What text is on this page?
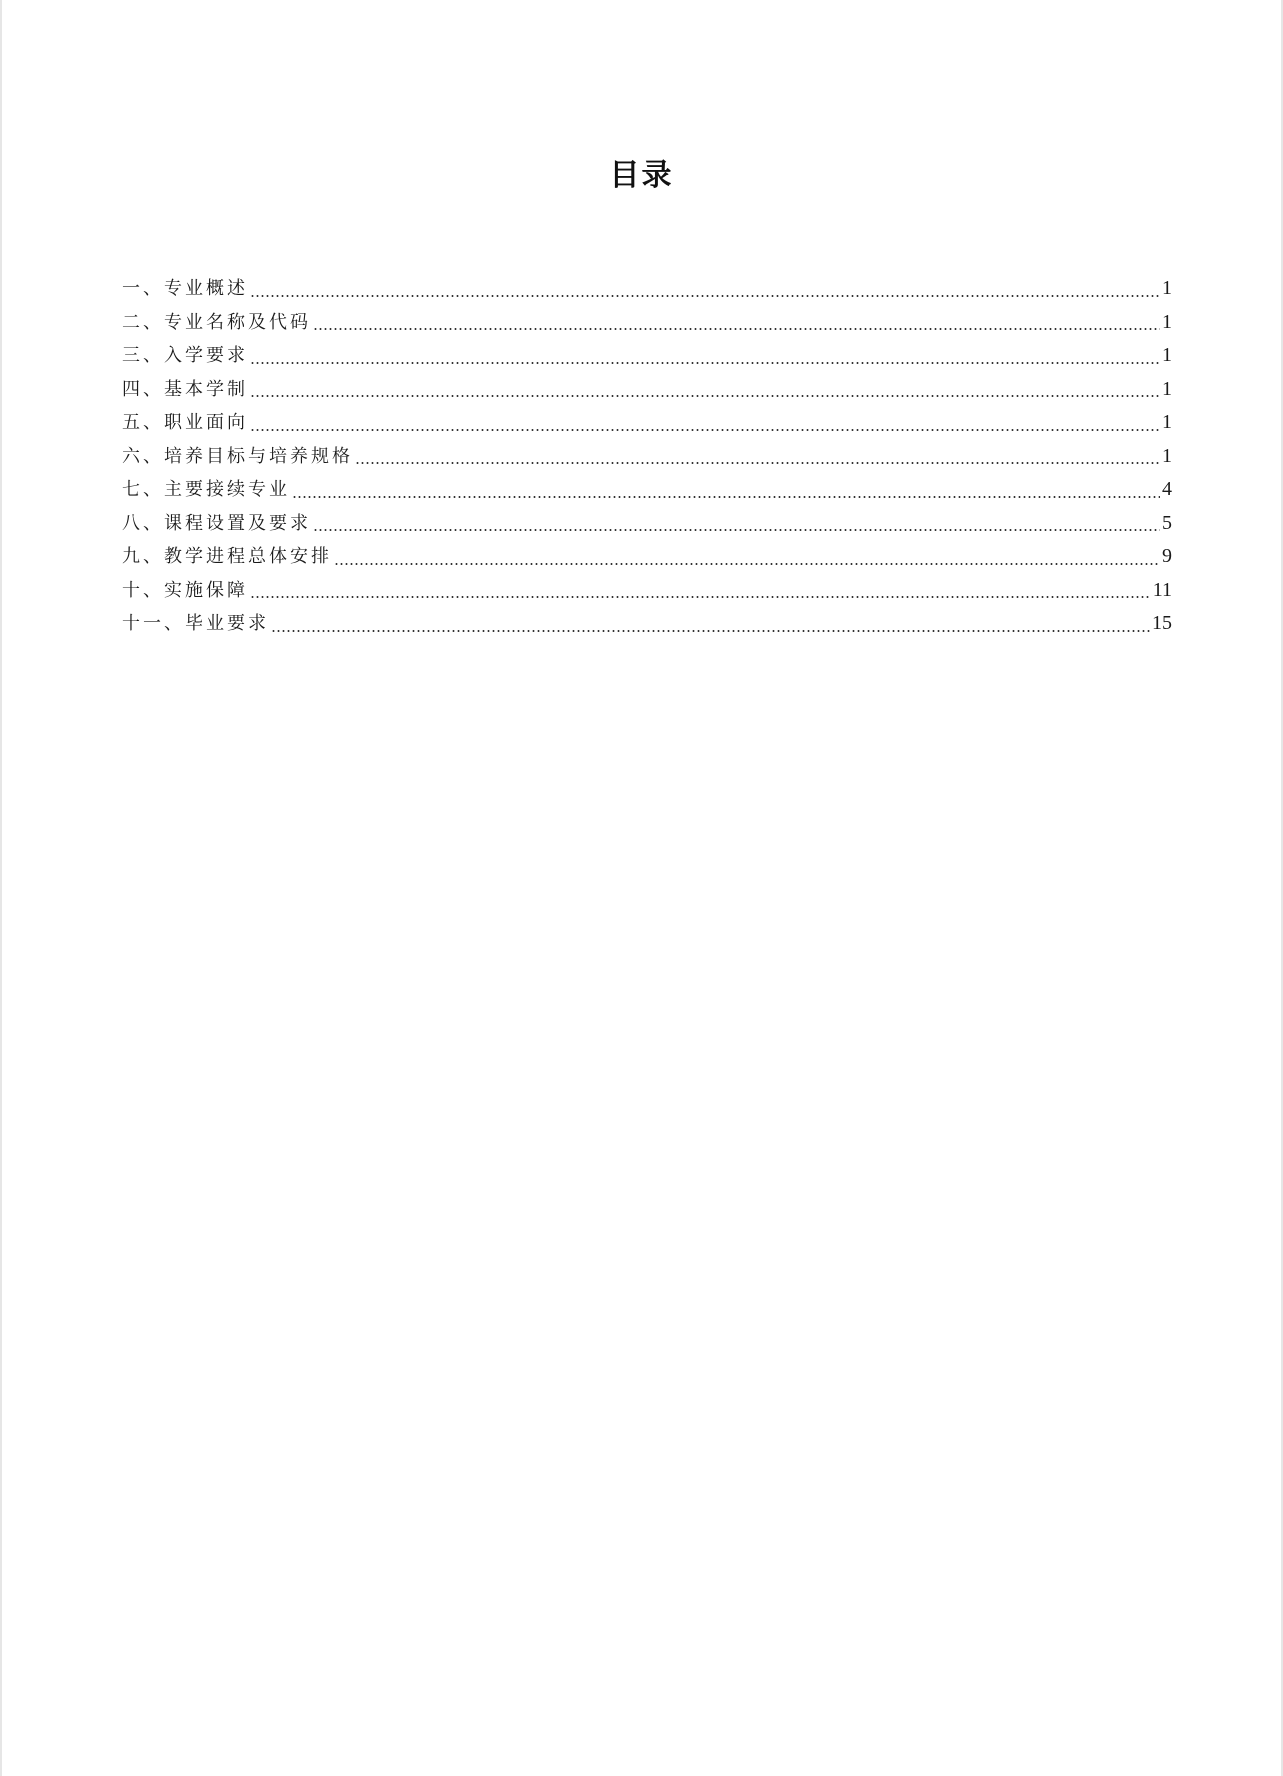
目录
一、专业概述	1
二、专业名称及代码	1
三、入学要求	1
四、基本学制	1
五、职业面向	1
六、培养目标与培养规格	1
七、主要接续专业	4
八、课程设置及要求	5
九、教学进程总体安排	9
十、实施保障	11
十一、毕业要求	15
